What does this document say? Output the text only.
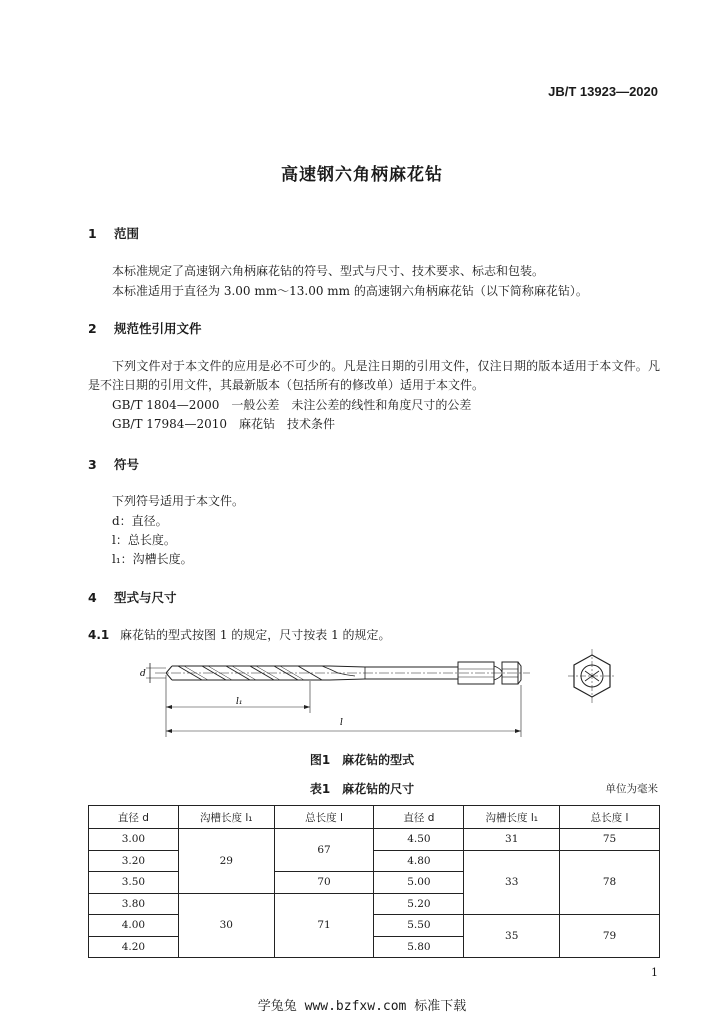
JB/T 13923—2020
高速钢六角柄麻花钻
1 范围
本标准规定了高速钢六角柄麻花钻的符号、型式与尺寸、技术要求、标志和包装。
本标准适用于直径为 3.00 mm～13.00 mm 的高速钢六角柄麻花钻（以下简称麻花钻）。
2 规范性引用文件
下列文件对于本文件的应用是必不可少的。凡是注日期的引用文件，仅注日期的版本适用于本文件。凡是不注日期的引用文件，其最新版本（包括所有的修改单）适用于本文件。
GB/T 1804—2000　一般公差　未注公差的线性和角度尺寸的公差
GB/T 17984—2010　麻花钻　技术条件
3 符号
下列符号适用于本文件。
d：直径。
l：总长度。
l₁：沟槽长度。
4 型式与尺寸
4.1 麻花钻的型式按图 1 的规定，尺寸按表 1 的规定。
d
l₁
l
图1　麻花钻的型式
表1　麻花钻的尺寸	单位为毫米
直径 d	沟槽长度 l₁	总长度 l	直径 d	沟槽长度 l₁	总长度 l
3.00	29	67	4.50	31	75
3.20			4.80	33	78
3.50		70	5.00		
3.80	30	71	5.20		
4.00			5.50	35	79
4.20			5.80		
1
学兔兔 www.bzfxw.com 标准下载
